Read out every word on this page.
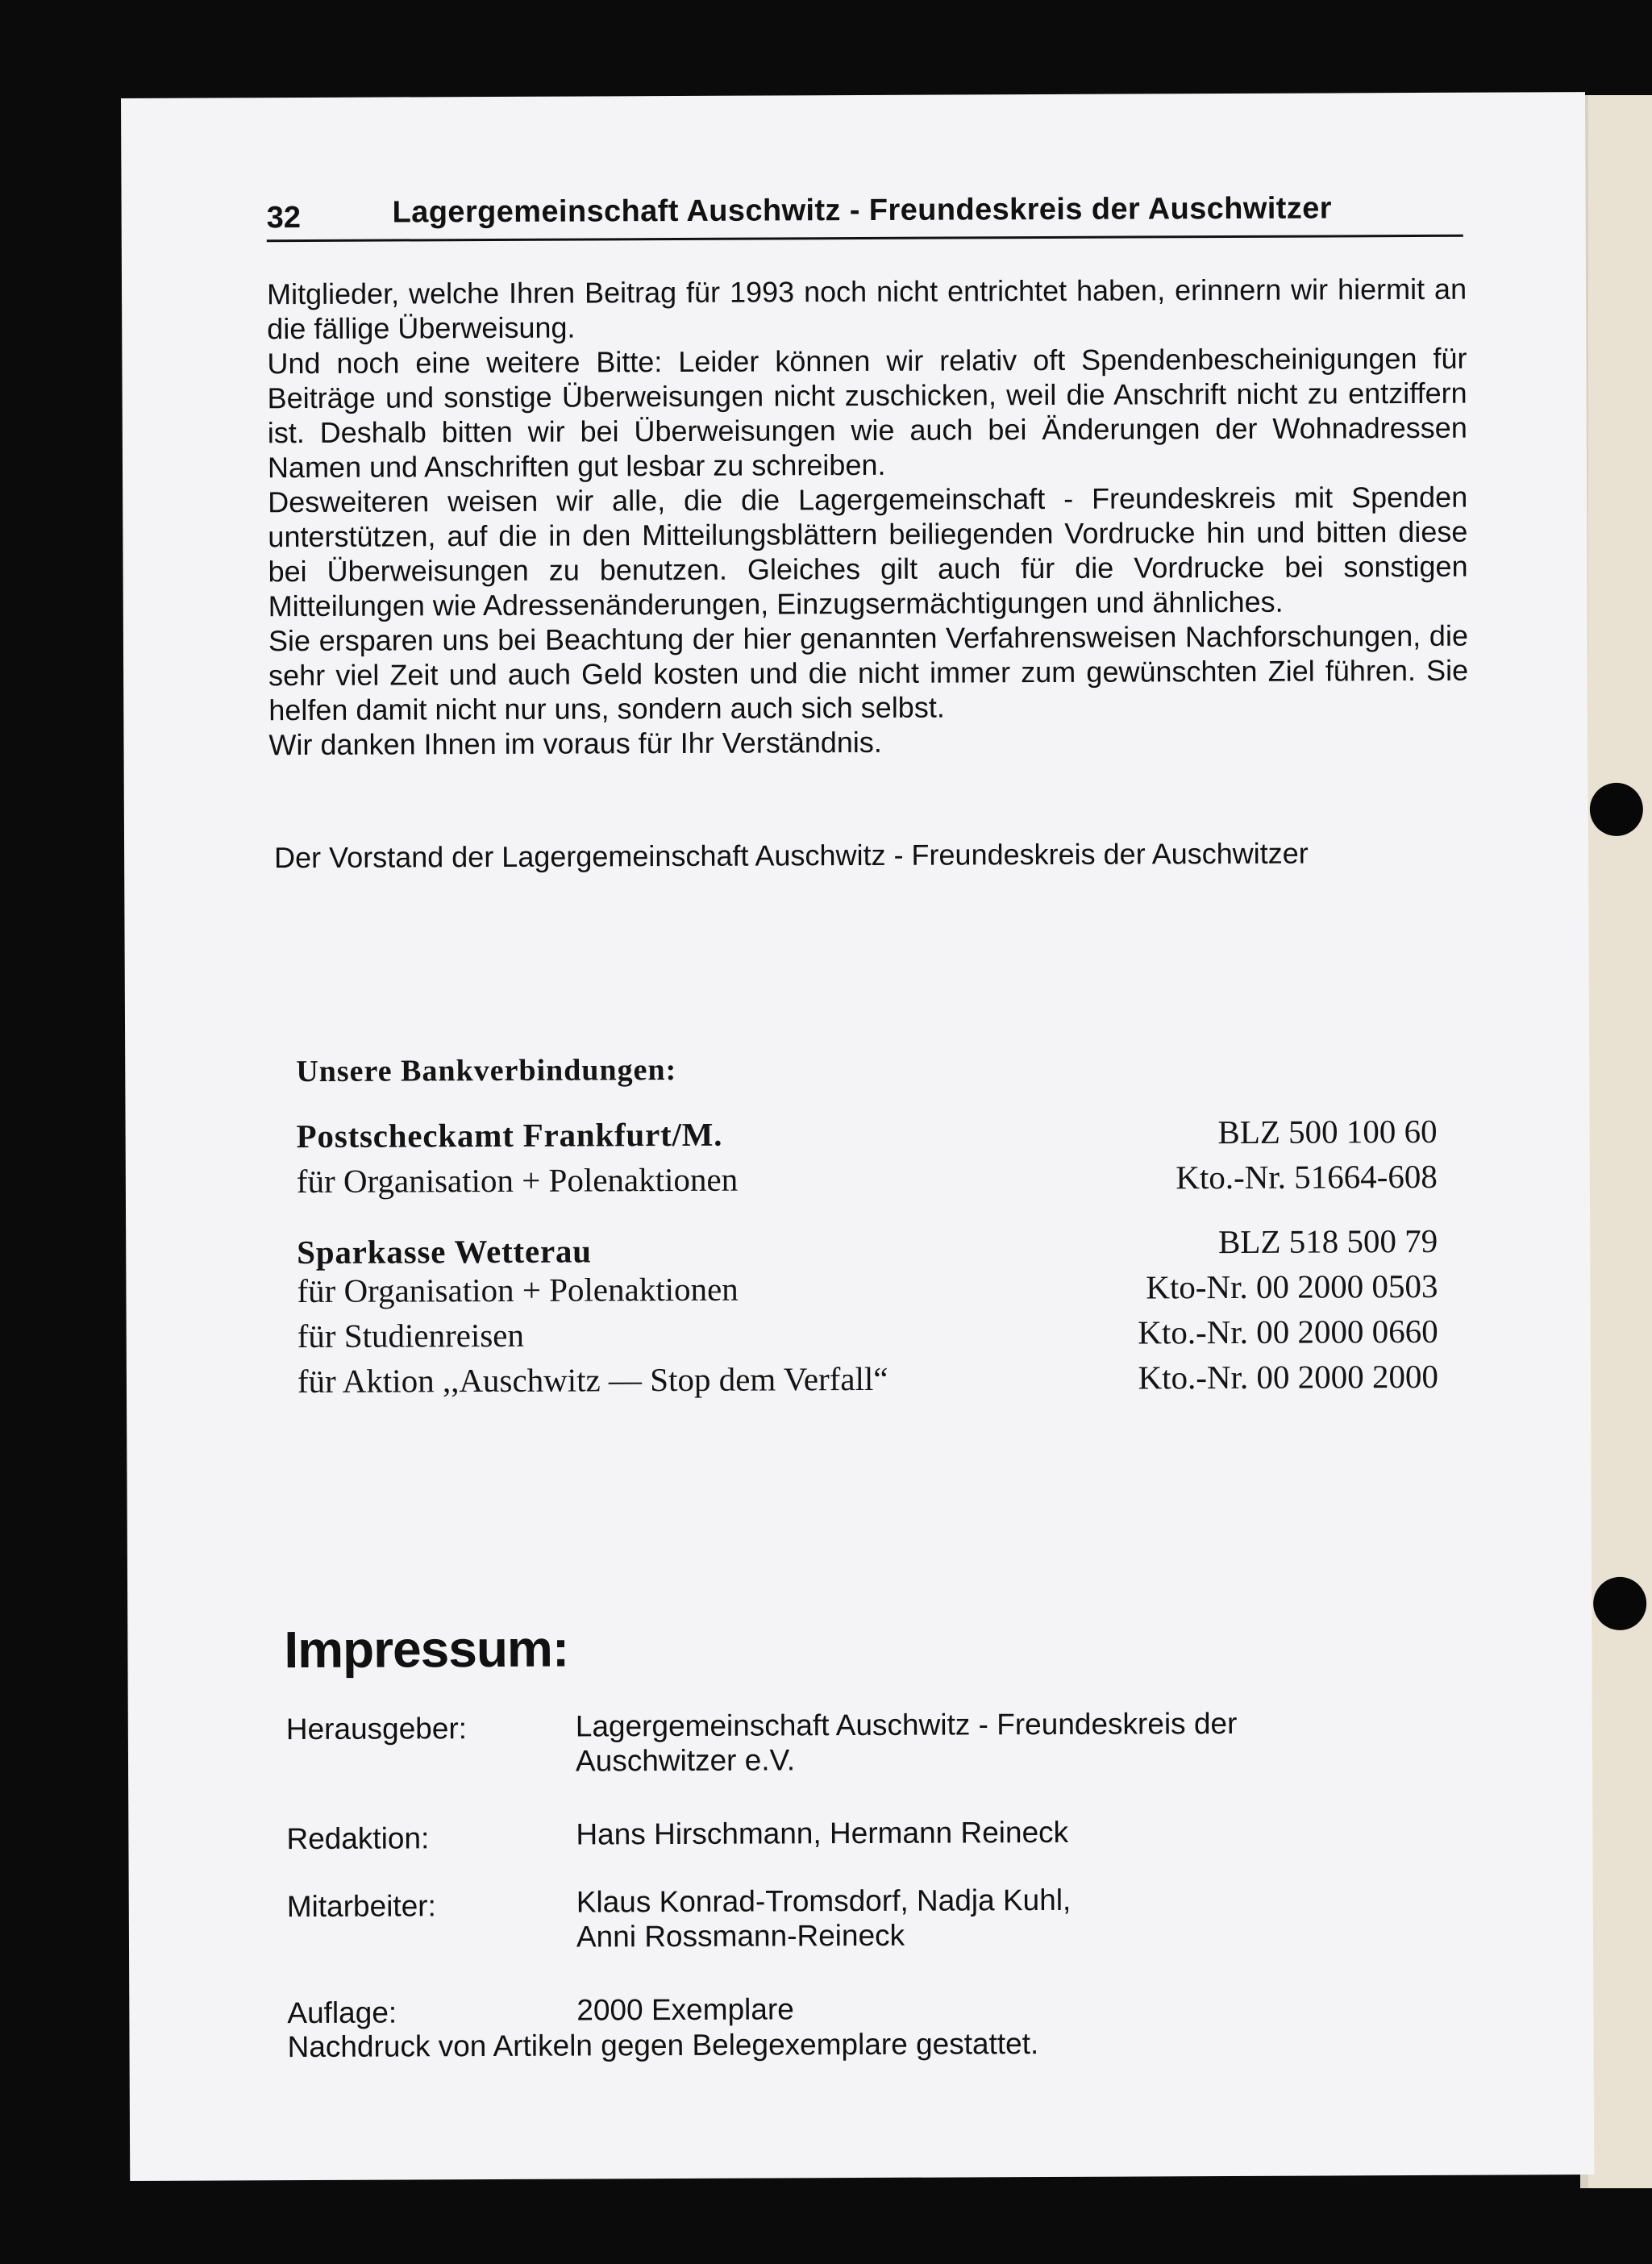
32	Lagergemeinschaft Auschwitz - Freundeskreis der Auschwitzer

Mitglieder, welche Ihren Beitrag für 1993 noch nicht entrichtet haben, erinnern wir hiermit an die fällige Überweisung.

Und noch eine weitere Bitte: Leider können wir relativ oft Spendenbescheinigungen für Beiträge und sonstige Überweisungen nicht zuschicken, weil die Anschrift nicht zu entziffern ist. Deshalb bitten wir bei Überweisungen wie auch bei Änderungen der Wohnadressen Namen und Anschriften gut lesbar zu schreiben.

Desweiteren weisen wir alle, die die Lagergemeinschaft - Freundeskreis mit Spenden unterstützen, auf die in den Mitteilungsblättern beiliegenden Vordrucke hin und bitten diese bei Überweisungen zu benutzen. Gleiches gilt auch für die Vordrucke bei sonstigen Mitteilungen wie Adressenänderungen, Einzugsermächtigungen und ähnliches.

Sie ersparen uns bei Beachtung der hier genannten Verfahrensweisen Nachforschungen, die sehr viel Zeit und auch Geld kosten und die nicht immer zum gewünschten Ziel führen. Sie helfen damit nicht nur uns, sondern auch sich selbst.

Wir danken Ihnen im voraus für Ihr Verständnis.

Der Vorstand der Lagergemeinschaft Auschwitz - Freundeskreis der Auschwitzer
Unsere Bankverbindungen:
Postscheckamt Frankfurt/M.	BLZ 500 100 60
für Organisation + Polenaktionen	Kto.-Nr. 51664-608
Sparkasse Wetterau	BLZ 518 500 79
für Organisation + Polenaktionen	Kto-Nr. 00 2000 0503
für Studienreisen	Kto.-Nr. 00 2000 0660
für Aktion ,,Auschwitz — Stop dem Verfall“	Kto.-Nr. 00 2000 2000
Impressum:
Herausgeber:	Lagergemeinschaft Auschwitz - Freundeskreis der
Auschwitzer e.V.
Redaktion:	Hans Hirschmann, Hermann Reineck
Mitarbeiter:	Klaus Konrad-Tromsdorf, Nadja Kuhl,
Anni Rossmann-Reineck
Auflage:	2000 Exemplare
Nachdruck von Artikeln gegen Belegexemplare gestattet.
